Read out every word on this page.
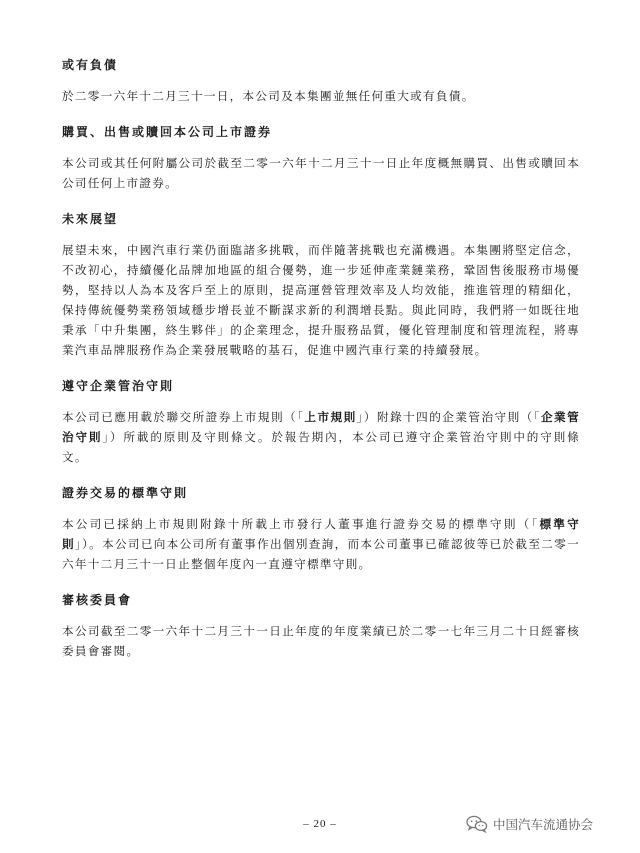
或有負債

於二零一六年十二月三十一日，本公司及本集團並無任何重大或有負債。

購買、出售或贖回本公司上市證券

本公司或其任何附屬公司於截至二零一六年十二月三十一日止年度概無購買、出售或贖回本公司任何上市證券。

未來展望

展望未來，中國汽車行業仍面臨諸多挑戰，而伴隨著挑戰也充滿機遇。本集團將堅定信念，不改初心，持續優化品牌加地區的組合優勢，進一步延伸產業鏈業務，鞏固售後服務市場優勢，堅持以人為本及客戶至上的原則，提高運營管理效率及人均效能，推進管理的精細化，保持傳統優勢業務領域穩步增長並不斷謀求新的利潤增長點。與此同時，我們將一如既往地秉承「中升集團，終生夥伴」的企業理念，提升服務品質，優化管理制度和管理流程，將專業汽車品牌服務作為企業發展戰略的基石，促進中國汽車行業的持續發展。

遵守企業管治守則

本公司已應用載於聯交所證券上市規則（「上市規則」）附錄十四的企業管治守則（「企業管治守則」）所載的原則及守則條文。於報告期內，本公司已遵守企業管治守則中的守則條文。

證券交易的標準守則

本公司已採納上市規則附錄十所載上市發行人董事進行證券交易的標準守則（「標準守則」）。本公司已向本公司所有董事作出個別查詢，而本公司董事已確認彼等已於截至二零一六年十二月三十一日止整個年度內一直遵守標準守則。

審核委員會

本公司截至二零一六年十二月三十一日止年度的年度業績已於二零一七年三月二十日經審核委員會審閱。

– 20 –	中国汽车流通协会
